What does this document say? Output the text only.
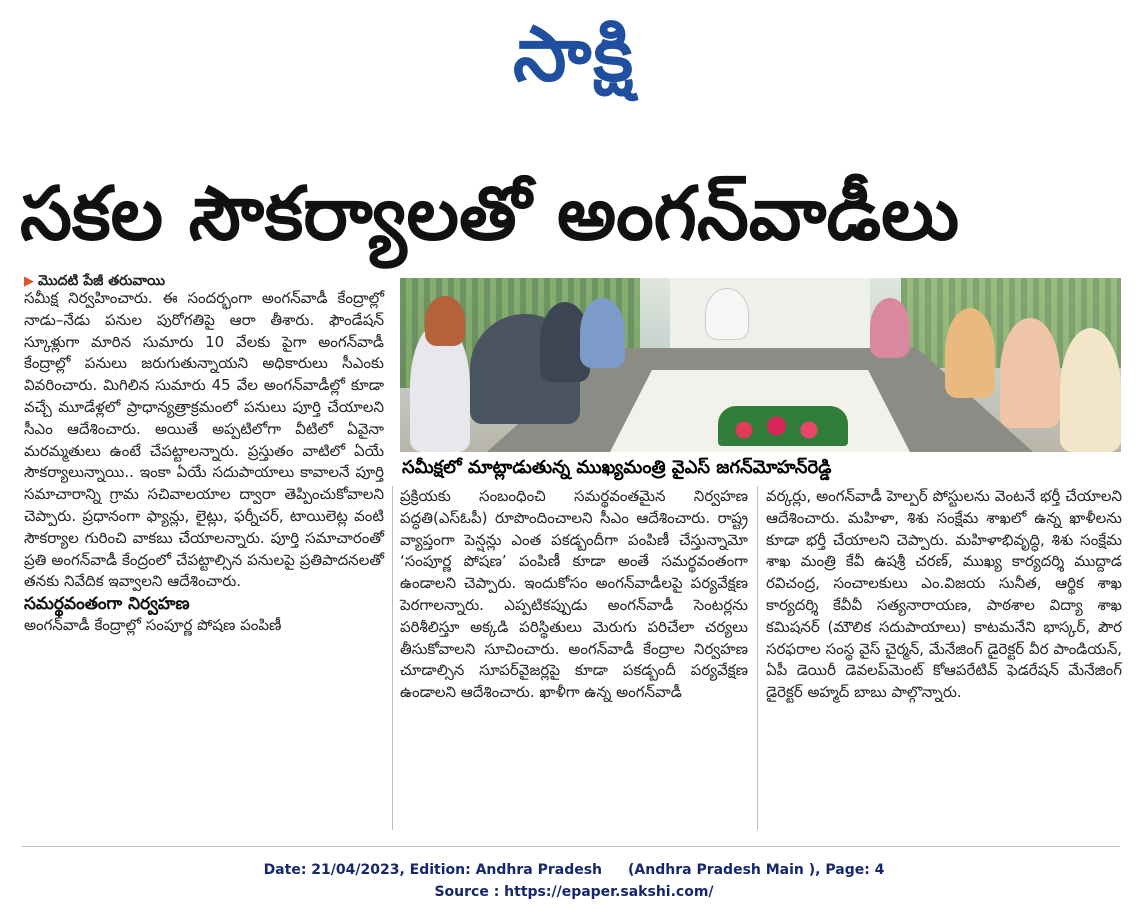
సాక్షి
సకల సౌకర్యాలతో అంగన్‌వాడీలు
▶ మొదటి పేజీ తరువాయి
సమీక్షలో మాట్లాడుతున్న ముఖ్యమంత్రి వైఎస్‌ జగన్‌మోహన్‌రెడ్డి

సమీక్ష నిర్వహించారు. ఈ సందర్భంగా అంగన్‌వాడీ కేంద్రాల్లో నాడు–నేడు పనుల పురోగతిపై ఆరా తీశారు. ఫౌండేషన్‌ స్కూళ్లుగా మారిన సుమారు 10 వేలకు పైగా అంగన్‌వాడీ కేంద్రాల్లో పనులు జరుగుతున్నాయని అధికారులు సీఎంకు వివరించారు. మిగిలిన సుమారు 45 వేల అంగన్‌వాడీల్లో కూడా వచ్చే మూడేళ్లలో ప్రాధాన్యత్రాక్రమంలో పనులు పూర్తి చేయాలని సీఎం ఆదేశించారు. అయితే అప్పటిలోగా వీటిలో ఏవైనా మరమ్మతులు ఉంటే చేపట్టాలన్నారు. ప్రస్తుతం వాటిలో ఏయే సౌకర్యాలున్నాయి.. ఇంకా ఏయే సదుపాయాలు కావాలనే పూర్తి సమాచారాన్ని గ్రామ సచివాలయాల ద్వారా తెప్పించుకోవాలని చెప్పారు. ప్రధానంగా ఫ్యాన్లు, లైట్లు, ఫర్నీచర్‌, టాయిలెట్ల వంటి సౌకర్యాల గురించి వాకబు చేయాలన్నారు. పూర్తి సమాచారంతో ప్రతి అంగన్‌వాడీ కేంద్రంలో చేపట్టాల్సిన పనులపై ప్రతిపాదనలతో తనకు నివేదిక ఇవ్వాలని ఆదేశించారు.

సమర్థవంతంగా నిర్వహణ

అంగన్‌వాడీ కేంద్రాల్లో సంపూర్ణ పోషణ పంపిణీ

ప్రక్రియకు సంబంధించి సమర్థవంతమైన నిర్వహణ పద్ధతి(ఎస్‌ఓపీ) రూపొందించాలని సీఎం ఆదేశించారు. రాష్ట్ర వ్యాప్తంగా పెన్షన్లు ఎంత పకడ్బందీగా పంపిణీ చేస్తున్నామో ‘సంపూర్ణ పోషణ’ పంపిణీ కూడా అంతే సమర్థవంతంగా ఉండాలని చెప్పారు. ఇందుకోసం అంగన్‌వాడీలపై పర్యవేక్షణ పెరగాలన్నారు. ఎప్పటికప్పుడు అంగన్‌వాడీ సెంటర్లను పరిశీలిస్తూ అక్కడి పరిస్థితులు మెరుగు పరిచేలా చర్యలు తీసుకోవాలని సూచించారు. అంగన్‌వాడీ కేంద్రాల నిర్వహణ చూడాల్సిన సూపర్‌వైజర్లపై కూడా పకడ్బందీ పర్యవేక్షణ ఉండాలని ఆదేశించారు. ఖాళీగా ఉన్న అంగన్‌వాడీ

వర్కర్లు, అంగన్‌వాడీ హెల్పర్‌ పోస్టులను వెంటనే భర్తీ చేయాలని ఆదేశించారు. మహిళా, శిశు సంక్షేమ శాఖలో ఉన్న ఖాళీలను కూడా భర్తీ చేయాలని చెప్పారు. మహిళాభివృద్ధి, శిశు సంక్షేమ శాఖ మంత్రి కేవీ ఉషశ్రీ చరణ్‌, ముఖ్య కార్యదర్శి ముద్దాడ రవిచంద్ర, సంచాలకులు ఎం.విజయ సునీత, ఆర్థిక శాఖ కార్యదర్శి కేవీవీ సత్యనారాయణ, పాఠశాల విద్యా శాఖ కమిషనర్‌ (మౌలిక సదుపాయాలు) కాటమనేని భాస్కర్‌, పౌర సరఫరాల సంస్థ వైస్‌ చైర్మన్‌, మేనేజింగ్‌ డైరెక్టర్‌ వీర పాండియన్‌, ఏపీ డెయిరీ డెవలప్‌మెంట్‌ కోఆపరేటివ్‌ ఫెడరేషన్‌ మేనేజింగ్‌ డైరెక్టర్‌ అహ్మద్‌ బాబు పాల్గొన్నారు.

Date: 21/04/2023, Edition: Andhra Pradesh (Andhra Pradesh Main ), Page: 4
Source : https://epaper.sakshi.com/
